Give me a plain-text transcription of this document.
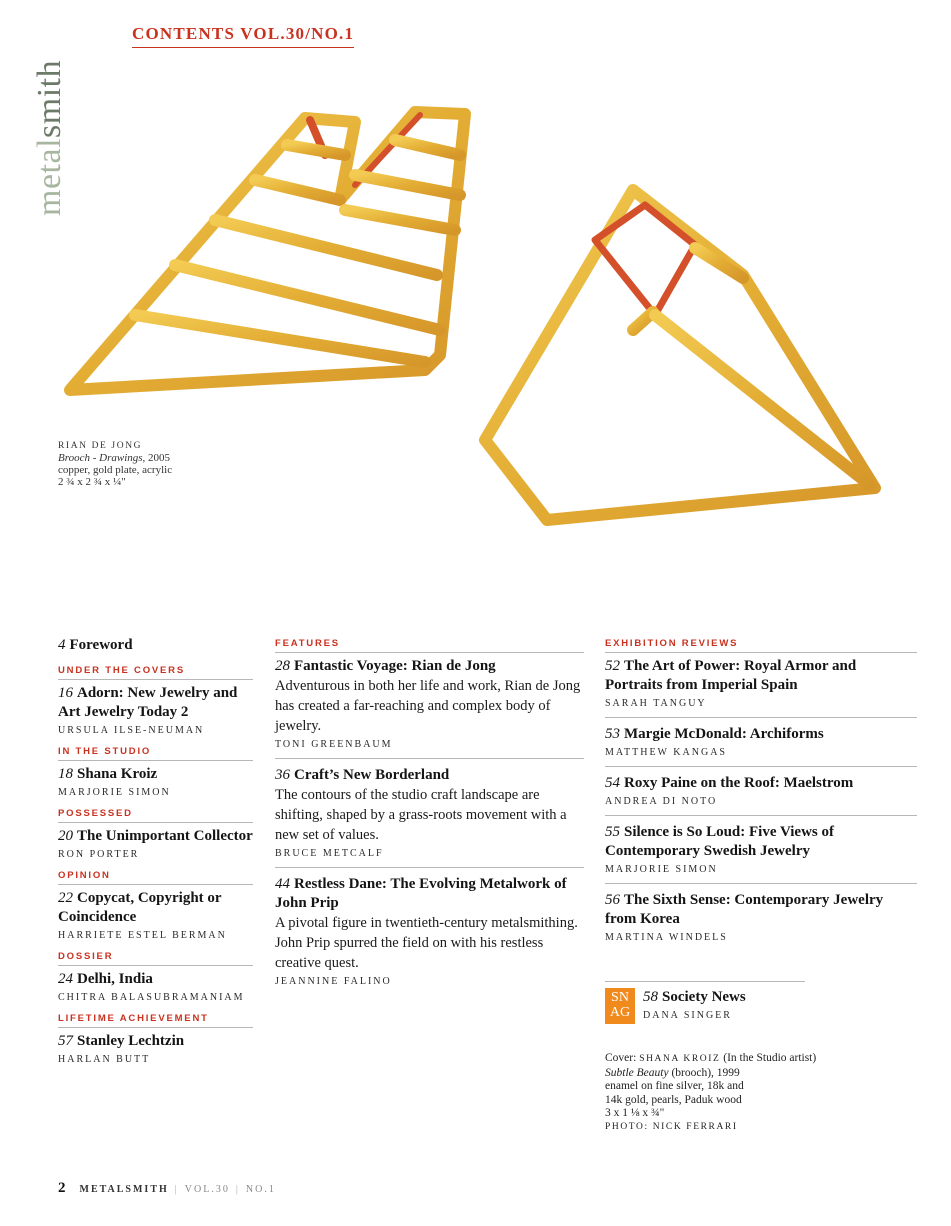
metalsmith
CONTENTS VOL.30/NO.1
RIAN DE JONG
Brooch - Drawings, 2005
copper, gold plate, acrylic
2 ¾ x 2 ¾ x ¼"
4 Foreword
UNDER THE COVERS
16 Adorn: New Jewelry and Art Jewelry Today 2
URSULA ILSE-NEUMAN
IN THE STUDIO
18 Shana Kroiz
MARJORIE SIMON
POSSESSED
20 The Unimportant Collector
RON PORTER
OPINION
22 Copycat, Copyright or Coincidence
HARRIETE ESTEL BERMAN
DOSSIER
24 Delhi, India
CHITRA BALASUBRAMANIAM
LIFETIME ACHIEVEMENT
57 Stanley Lechtzin
HARLAN BUTT
FEATURES
28 Fantastic Voyage: Rian de Jong
Adventurous in both her life and work, Rian de Jong has created a far-reaching and complex body of jewelry.
TONI GREENBAUM
36 Craft’s New Borderland
The contours of the studio craft landscape are shifting, shaped by a grass-roots movement with a new set of values.
BRUCE METCALF
44 Restless Dane: The Evolving Metalwork of John Prip
A pivotal figure in twentieth-century metalsmithing. John Prip spurred the field on with his restless creative quest.
JEANNINE FALINO
EXHIBITION REVIEWS
52 The Art of Power: Royal Armor and Portraits from Imperial Spain
SARAH TANGUY
53 Margie McDonald: Archiforms
MATTHEW KANGAS
54 Roxy Paine on the Roof: Maelstrom
ANDREA DI NOTO
55 Silence is So Loud: Five Views of Contemporary Swedish Jewelry
MARJORIE SIMON
56 The Sixth Sense: Contemporary Jewelry from Korea
MARTINA WINDELS
SN
AG
58 Society News
DANA SINGER
Cover: SHANA KROIZ (In the Studio artist)
Subtle Beauty (brooch), 1999
enamel on fine silver, 18k and
14k gold, pearls, Paduk wood
3 x 1 ⅛ x ¾"
PHOTO: NICK FERRARI
2 METALSMITH | VOL.30 | NO.1
